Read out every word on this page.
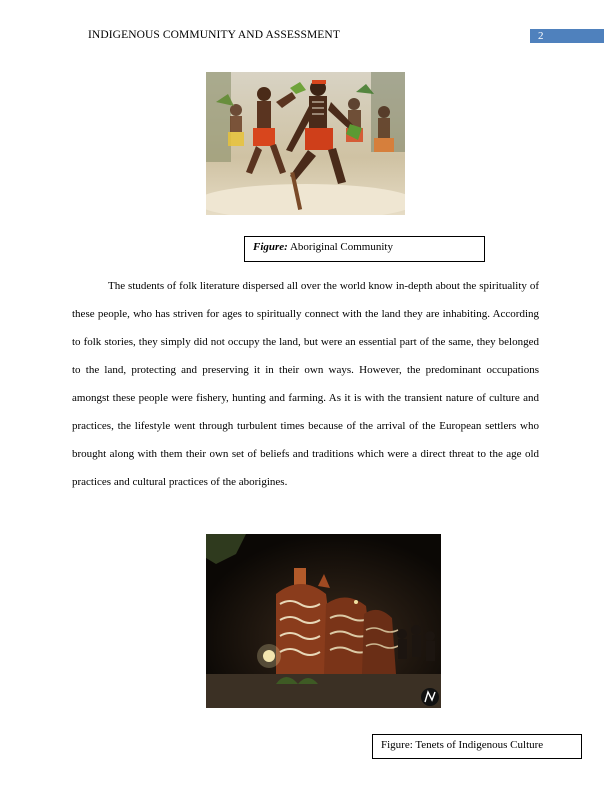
INDIGENOUS COMMUNITY AND ASSESSMENT	2
Figure: Aboriginal Community

The students of folk literature dispersed all over the world know in-depth about the spirituality of these people, who has striven for ages to spiritually connect with the land they are inhabiting. According to folk stories, they simply did not occupy the land, but were an essential part of the same, they belonged to the land, protecting and preserving it in their own ways. However, the predominant occupations amongst these people were fishery, hunting and farming. As it is with the transient nature of culture and practices, the lifestyle went through turbulent times because of the arrival of the European settlers who brought along with them their own set of beliefs and traditions which were a direct threat to the age old practices and cultural practices of the aborigines.

Figure: Tenets of Indigenous Culture
